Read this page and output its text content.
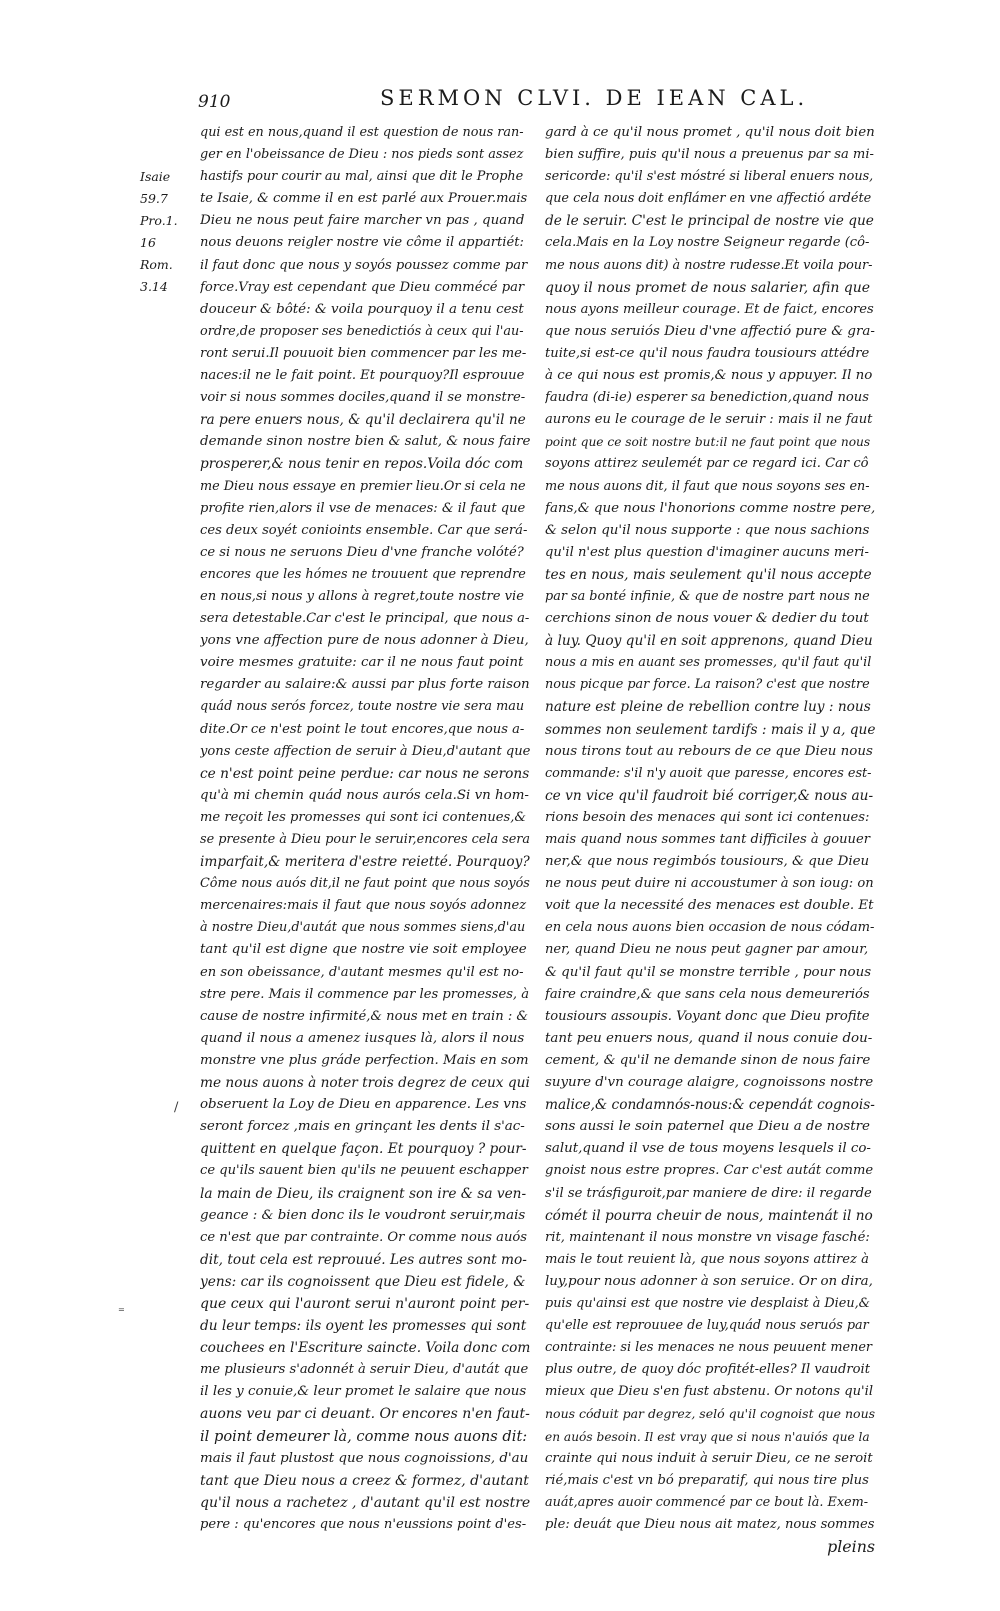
910	SERMON CLVI. DE IEAN CAL.
Isaie
59.7
Pro.1.
16
Rom.
3.14
/
⁼
qui est en nous,quand il est question de nous ran-
ger en l'obeissance de Dieu : nos pieds sont assez
hastifs pour courir au mal, ainsi que dit le Prophe
te Isaie, & comme il en est parlé aux Prouer.mais
Dieu ne nous peut faire marcher vn pas , quand
nous deuons reigler nostre vie côme il appartiét:
il faut donc que nous y soyós poussez comme par
force.Vray est cependant que Dieu commécé par
douceur & bôté: & voila pourquoy il a tenu cest
ordre,de proposer ses benedictiós à ceux qui l'au-
ront serui.Il pouuoit bien commencer par les me-
naces:il ne le fait point. Et pourquoy?Il esprouue
voir si nous sommes dociles,quand il se monstre-
ra pere enuers nous, & qu'il declairera qu'il ne
demande sinon nostre bien & salut, & nous faire
prosperer,& nous tenir en repos.Voila dóc com
me Dieu nous essaye en premier lieu.Or si cela ne
profite rien,alors il vse de menaces: & il faut que
ces deux soyét conioints ensemble. Car que será-
ce si nous ne seruons Dieu d'vne franche volóté?
encores que les hómes ne trouuent que reprendre
en nous,si nous y allons à regret,toute nostre vie
sera detestable.Car c'est le principal, que nous a-
yons vne affection pure de nous adonner à Dieu,
voire mesmes gratuite: car il ne nous faut point
regarder au salaire:& aussi par plus forte raison
quád nous serós forcez, toute nostre vie sera mau
dite.Or ce n'est point le tout encores,que nous a-
yons ceste affection de seruir à Dieu,d'autant que
ce n'est point peine perdue: car nous ne serons
qu'à mi chemin quád nous aurós cela.Si vn hom-
me reçoit les promesses qui sont ici contenues,&
se presente à Dieu pour le seruir,encores cela sera
imparfait,& meritera d'estre reietté. Pourquoy?
Côme nous auós dit,il ne faut point que nous soyós
mercenaires:mais il faut que nous soyós adonnez
à nostre Dieu,d'autát que nous sommes siens,d'au
tant qu'il est digne que nostre vie soit employee
en son obeissance, d'autant mesmes qu'il est no-
stre pere. Mais il commence par les promesses, à
cause de nostre infirmité,& nous met en train : &
quand il nous a amenez iusques là, alors il nous
monstre vne plus gráde perfection. Mais en som
me nous auons à noter trois degrez de ceux qui
obseruent la Loy de Dieu en apparence. Les vns
seront forcez ,mais en grinçant les dents il s'ac-
quittent en quelque façon. Et pourquoy ? pour-
ce qu'ils sauent bien qu'ils ne peuuent eschapper
la main de Dieu, ils craignent son ire & sa ven-
geance : & bien donc ils le voudront seruir,mais
ce n'est que par contrainte. Or comme nous auós
dit, tout cela est reprouué. Les autres sont mo-
yens: car ils cognoissent que Dieu est fidele, &
que ceux qui l'auront serui n'auront point per-
du leur temps: ils oyent les promesses qui sont
couchees en l'Escriture saincte. Voila donc com
me plusieurs s'adonnét à seruir Dieu, d'autát que
il les y conuie,& leur promet le salaire que nous
auons veu par ci deuant. Or encores n'en faut-
il point demeurer là, comme nous auons dit:
mais il faut plustost que nous cognoissions, d'au
tant que Dieu nous a creez & formez, d'autant
qu'il nous a rachetez , d'autant qu'il est nostre
pere : qu'encores que nous n'eussions point d'es-
gard à ce qu'il nous promet , qu'il nous doit bien
bien suffire, puis qu'il nous a preuenus par sa mi-
sericorde: qu'il s'est móstré si liberal enuers nous,
que cela nous doit enflámer en vne affectió ardéte
de le seruir. C'est le principal de nostre vie que
cela.Mais en la Loy nostre Seigneur regarde (cô-
me nous auons dit) à nostre rudesse.Et voila pour-
quoy il nous promet de nous salarier, afin que
nous ayons meilleur courage. Et de faict, encores
que nous seruiós Dieu d'vne affectió pure & gra-
tuite,si est-ce qu'il nous faudra tousiours attédre
à ce qui nous est promis,& nous y appuyer. Il no
faudra (di-ie) esperer sa benediction,quand nous
aurons eu le courage de le seruir : mais il ne faut
point que ce soit nostre but:il ne faut point que nous
soyons attirez seulemét par ce regard ici. Car cô
me nous auons dit, il faut que nous soyons ses en-
fans,& que nous l'honorions comme nostre pere,
& selon qu'il nous supporte : que nous sachions
qu'il n'est plus question d'imaginer aucuns meri-
tes en nous, mais seulement qu'il nous accepte
par sa bonté infinie, & que de nostre part nous ne
cerchions sinon de nous vouer & dedier du tout
à luy. Quoy qu'il en soit apprenons, quand Dieu
nous a mis en auant ses promesses, qu'il faut qu'il
nous picque par force. La raison? c'est que nostre
nature est pleine de rebellion contre luy : nous
sommes non seulement tardifs : mais il y a, que
nous tirons tout au rebours de ce que Dieu nous
commande: s'il n'y auoit que paresse, encores est-
ce vn vice qu'il faudroit bié corriger,& nous au-
rions besoin des menaces qui sont ici contenues:
mais quand nous sommes tant difficiles à gouuer
ner,& que nous regimbós tousiours, & que Dieu
ne nous peut duire ni accoustumer à son ioug: on
voit que la necessité des menaces est double. Et
en cela nous auons bien occasion de nous códam-
ner, quand Dieu ne nous peut gagner par amour,
& qu'il faut qu'il se monstre terrible , pour nous
faire craindre,& que sans cela nous demeureriós
tousiours assoupis. Voyant donc que Dieu profite
tant peu enuers nous, quand il nous conuie dou-
cement, & qu'il ne demande sinon de nous faire
suyure d'vn courage alaigre, cognoissons nostre
malice,& condamnós-nous:& cependát cognois-
sons aussi le soin paternel que Dieu a de nostre
salut,quand il vse de tous moyens lesquels il co-
gnoist nous estre propres. Car c'est autát comme
s'il se trásfiguroit,par maniere de dire: il regarde
cómét il pourra cheuir de nous, maintenát il no
rit, maintenant il nous monstre vn visage fasché:
mais le tout reuient là, que nous soyons attirez à
luy,pour nous adonner à son seruice. Or on dira,
puis qu'ainsi est que nostre vie desplaist à Dieu,&
qu'elle est reprouuee de luy,quád nous seruós par
contrainte: si les menaces ne nous peuuent mener
plus outre, de quoy dóc profitét-elles? Il vaudroit
mieux que Dieu s'en fust abstenu. Or notons qu'il
nous códuit par degrez, seló qu'il cognoist que nous
en auós besoin. Il est vray que si nous n'auiós que la
crainte qui nous induit à seruir Dieu, ce ne seroit
rié,mais c'est vn bó preparatif, qui nous tire plus
auát,apres auoir commencé par ce bout là. Exem-
ple: deuát que Dieu nous ait matez, nous sommes
pleins
